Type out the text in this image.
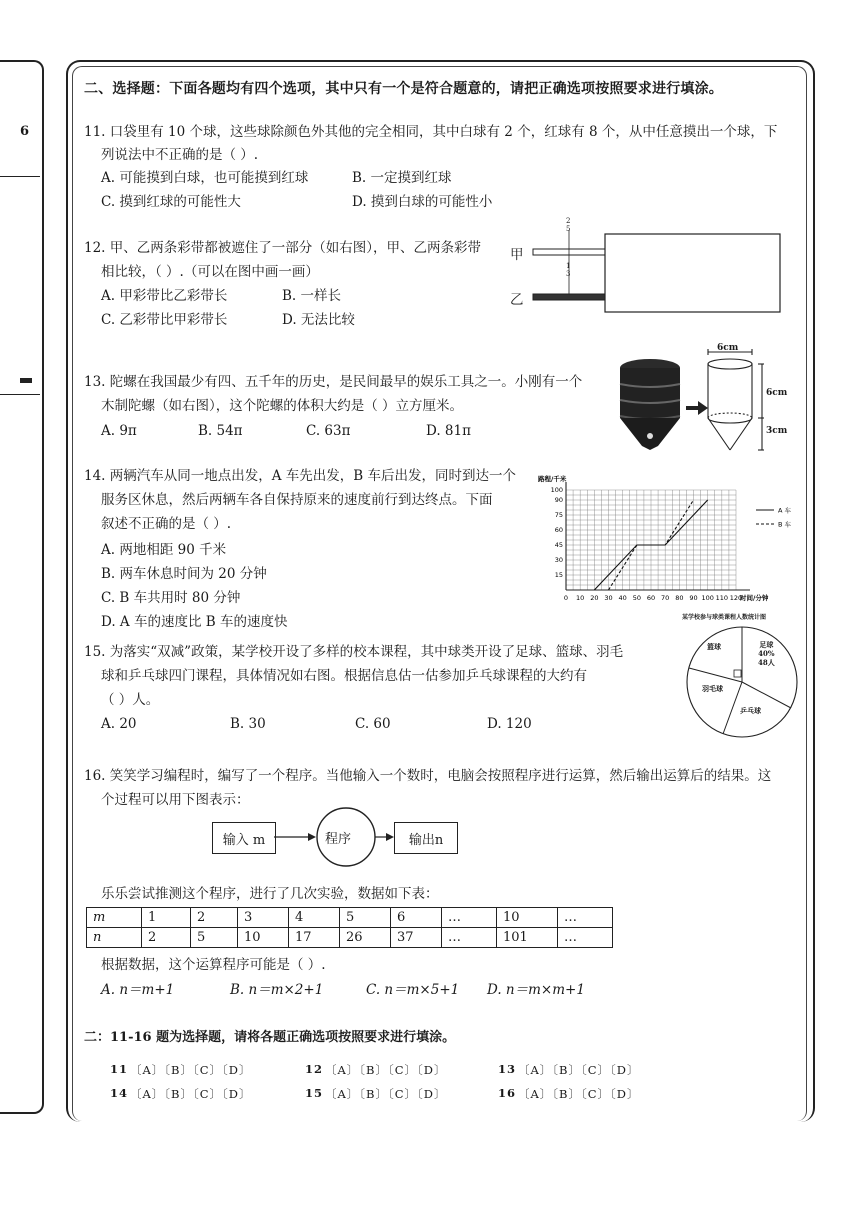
6
二、选择题：下面各题均有四个选项，其中只有一个是符合题意的，请把正确选项按照要求进行填涂。
11. 口袋里有 10 个球，这些球除颜色外其他的完全相同，其中白球有 2 个，红球有 8 个，从中任意摸出一个球，下
列说法中不正确的是（ ）.
A. 可能摸到白球，也可能摸到红球	B. 一定摸到红球
C. 摸到红球的可能性大	D. 摸到白球的可能性小
12. 甲、乙两条彩带都被遮住了一部分（如右图），甲、乙两条彩带
相比较，（ ）.（可以在图中画一画）
A. 甲彩带比乙彩带长	B. 一样长
C. 乙彩带比甲彩带长	D. 无法比较
甲
乙
2
5
1
3
13. 陀螺在我国最少有四、五千年的历史，是民间最早的娱乐工具之一。小刚有一个
木制陀螺（如右图），这个陀螺的体积大约是（ ）立方厘米。
A. 9π	B. 54π	C. 63π	D. 81π
6cm
6cm
3cm
14. 两辆汽车从同一地点出发，A 车先出发，B 车后出发，同时到达一个
服务区休息，然后两辆车各自保持原来的速度前行到达终点。下面
叙述不正确的是（ ）.
A. 两地相距 90 千米
B. 两车休息时间为 20 分钟
C. B 车共用时 80 分钟
D. A 车的速度比 B 车的速度快
0 10 20 30 40 50 60 70 80 90 100 110 120
15
30
45
60
75
90
100
路程/千米
时间/分钟
A 车
B 车
15. 为落实“双减”政策，某学校开设了多样的校本课程，其中球类开设了足球、篮球、羽毛
球和乒乓球四门课程，具体情况如右图。根据信息估一估参加乒乓球课程的大约有
（ ）人。
A. 20	B. 30	C. 60	D. 120
某学校参与球类课程人数统计图
篮球	足球
40%
48人
羽毛球
乒乓球
16. 笑笑学习编程时，编写了一个程序。当他输入一个数时，电脑会按照程序进行运算，然后输出运算后的结果。这
个过程可以用下图表示：
输入 m	程序	输出n
乐乐尝试推测这个程序，进行了几次实验，数据如下表：
m	1	2	3	4	5	6	…	10	…
n	2	5	10	17	26	37	…	101	…
根据数据，这个运算程序可能是（ ）.
A. n＝m+1	B. n＝m×2+1	C. n＝m×5+1 D. n＝m×m+1
二：11-16 题为选择题，请将各题正确选项按照要求进行填涂。
11 〔A〕〔B〕〔C〕〔D〕	12 〔A〕〔B〕〔C〕〔D〕	13 〔A〕〔B〕〔C〕〔D〕
14 〔A〕〔B〕〔C〕〔D〕	15 〔A〕〔B〕〔C〕〔D〕	16 〔A〕〔B〕〔C〕〔D〕
